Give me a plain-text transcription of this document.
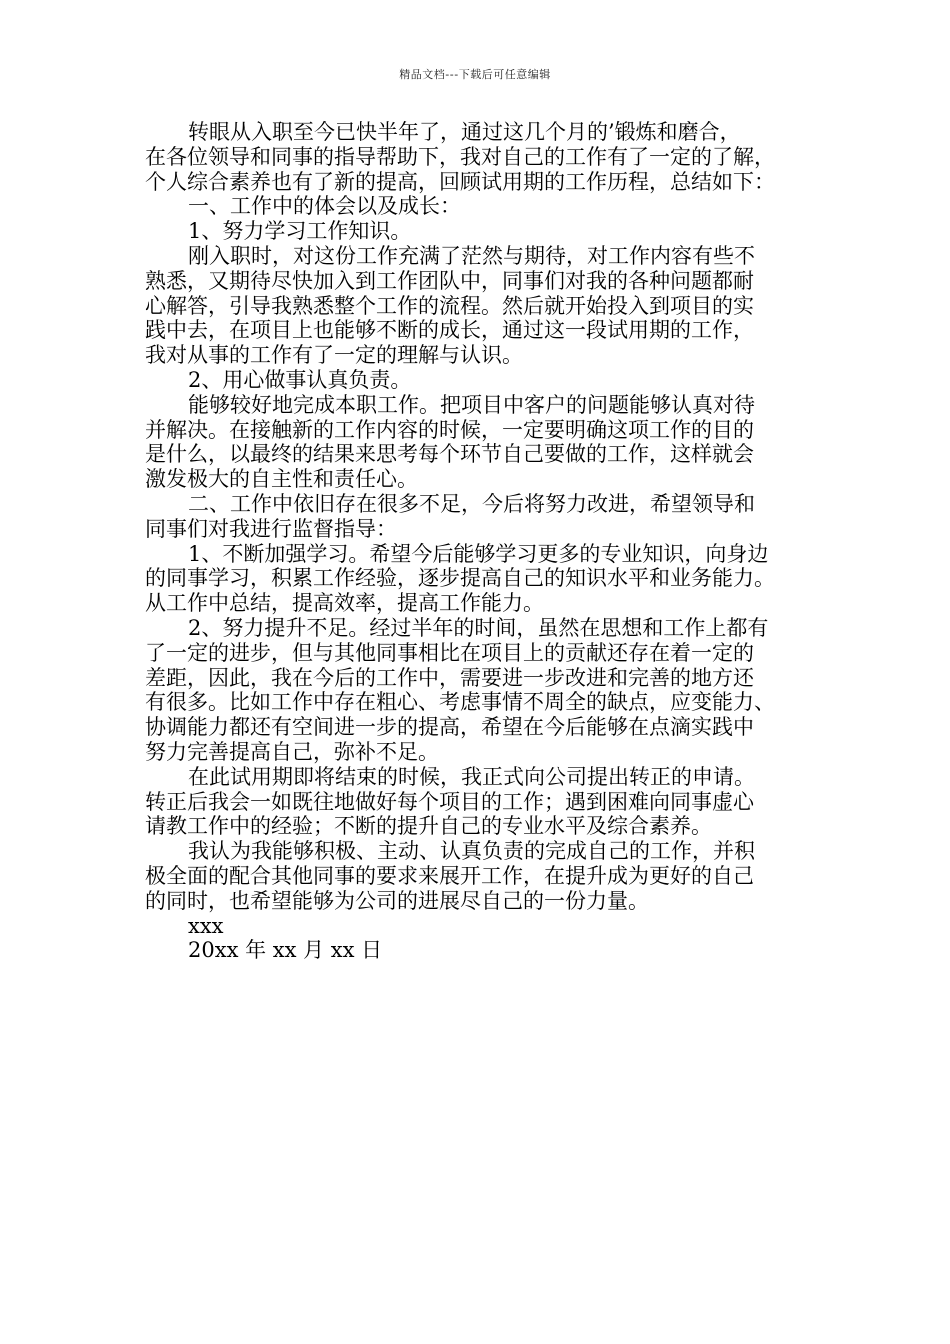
精品文档---下载后可任意编辑
转眼从入职至今已快半年了，通过这几个月的’锻炼和磨合，
在各位领导和同事的指导帮助下，我对自己的工作有了一定的了解，
个人综合素养也有了新的提高，回顾试用期的工作历程，总结如下：
一、工作中的体会以及成长：
1、努力学习工作知识。
刚入职时，对这份工作充满了茫然与期待，对工作内容有些不
熟悉，又期待尽快加入到工作团队中，同事们对我的各种问题都耐
心解答，引导我熟悉整个工作的流程。然后就开始投入到项目的实
践中去，在项目上也能够不断的成长，通过这一段试用期的工作，
我对从事的工作有了一定的理解与认识。
2、用心做事认真负责。
能够较好地完成本职工作。把项目中客户的问题能够认真对待
并解决。在接触新的工作内容的时候，一定要明确这项工作的目的
是什么，以最终的结果来思考每个环节自己要做的工作，这样就会
激发极大的自主性和责任心。
二、工作中依旧存在很多不足，今后将努力改进，希望领导和
同事们对我进行监督指导：
1、不断加强学习。希望今后能够学习更多的专业知识，向身边
的同事学习，积累工作经验，逐步提高自己的知识水平和业务能力。
从工作中总结，提高效率，提高工作能力。
2、努力提升不足。经过半年的时间，虽然在思想和工作上都有
了一定的进步，但与其他同事相比在项目上的贡献还存在着一定的
差距，因此，我在今后的工作中，需要进一步改进和完善的地方还
有很多。比如工作中存在粗心、考虑事情不周全的缺点，应变能力、
协调能力都还有空间进一步的提高，希望在今后能够在点滴实践中
努力完善提高自己，弥补不足。
在此试用期即将结束的时候，我正式向公司提出转正的申请。
转正后我会一如既往地做好每个项目的工作；遇到困难向同事虚心
请教工作中的经验；不断的提升自己的专业水平及综合素养。
我认为我能够积极、主动、认真负责的完成自己的工作，并积
极全面的配合其他同事的要求来展开工作，在提升成为更好的自己
的同时，也希望能够为公司的进展尽自己的一份力量。
xxx
20xx 年 xx 月 xx 日
